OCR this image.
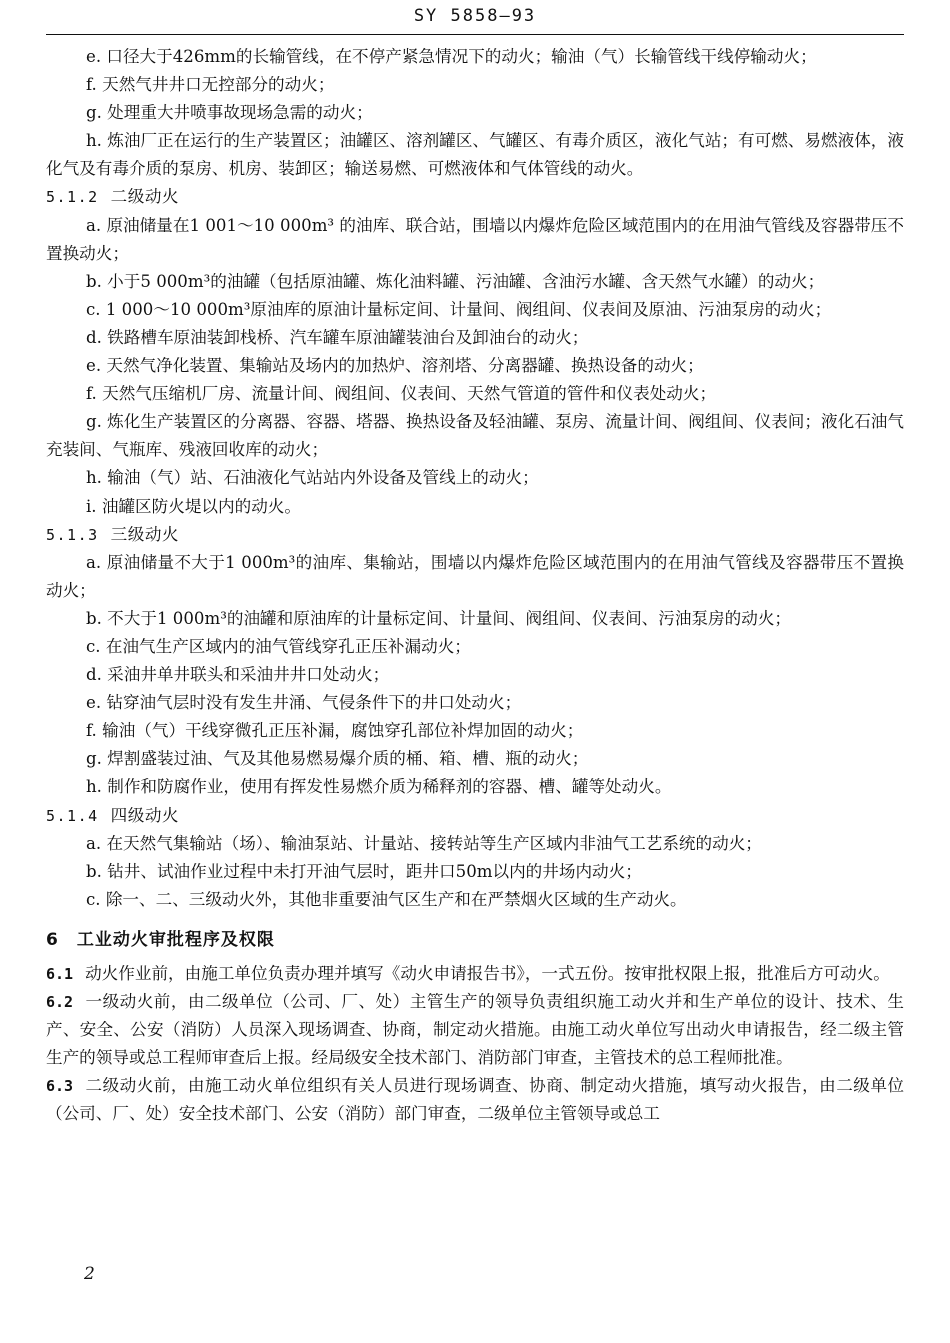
SY 5858—93

e. 口径大于426mm的长输管线，在不停产紧急情况下的动火；输油（气）长输管线干线停输动火；

f. 天然气井井口无控部分的动火；

g. 处理重大井喷事故现场急需的动火；

h. 炼油厂正在运行的生产装置区；油罐区、溶剂罐区、气罐区、有毒介质区，液化气站；有可燃、易燃液体，液化气及有毒介质的泵房、机房、装卸区；输送易燃、可燃液体和气体管线的动火。

5.1.2 二级动火

a. 原油储量在1 001～10 000m³ 的油库、联合站，围墙以内爆炸危险区域范围内的在用油气管线及容器带压不置换动火；

b. 小于5 000m³的油罐（包括原油罐、炼化油料罐、污油罐、含油污水罐、含天然气水罐）的动火；

c. 1 000～10 000m³原油库的原油计量标定间、计量间、阀组间、仪表间及原油、污油泵房的动火；

d. 铁路槽车原油装卸栈桥、汽车罐车原油罐装油台及卸油台的动火；

e. 天然气净化装置、集输站及场内的加热炉、溶剂塔、分离器罐、换热设备的动火；

f. 天然气压缩机厂房、流量计间、阀组间、仪表间、天然气管道的管件和仪表处动火；

g. 炼化生产装置区的分离器、容器、塔器、换热设备及轻油罐、泵房、流量计间、阀组间、仪表间；液化石油气充装间、气瓶库、残液回收库的动火；

h. 输油（气）站、石油液化气站站内外设备及管线上的动火；

i. 油罐区防火堤以内的动火。

5.1.3 三级动火

a. 原油储量不大于1 000m³的油库、集输站，围墙以内爆炸危险区域范围内的在用油气管线及容器带压不置换动火；

b. 不大于1 000m³的油罐和原油库的计量标定间、计量间、阀组间、仪表间、污油泵房的动火；

c. 在油气生产区域内的油气管线穿孔正压补漏动火；

d. 采油井单井联头和采油井井口处动火；

e. 钻穿油气层时没有发生井涌、气侵条件下的井口处动火；

f. 输油（气）干线穿微孔正压补漏，腐蚀穿孔部位补焊加固的动火；

g. 焊割盛装过油、气及其他易燃易爆介质的桶、箱、槽、瓶的动火；

h. 制作和防腐作业，使用有挥发性易燃介质为稀释剂的容器、槽、罐等处动火。

5.1.4 四级动火

a. 在天然气集输站（场）、输油泵站、计量站、接转站等生产区域内非油气工艺系统的动火；

b. 钻井、试油作业过程中未打开油气层时，距井口50m以内的井场内动火；

c. 除一、二、三级动火外，其他非重要油气区生产和在严禁烟火区域的生产动火。

6 工业动火审批程序及权限

6.1 动火作业前，由施工单位负责办理并填写《动火申请报告书》，一式五份。按审批权限上报，批准后方可动火。

6.2 一级动火前，由二级单位（公司、厂、处）主管生产的领导负责组织施工动火并和生产单位的设计、技术、生产、安全、公安（消防）人员深入现场调查、协商，制定动火措施。由施工动火单位写出动火申请报告，经二级主管生产的领导或总工程师审查后上报。经局级安全技术部门、消防部门审查，主管技术的总工程师批准。

6.3 二级动火前，由施工动火单位组织有关人员进行现场调查、协商、制定动火措施，填写动火报告，由二级单位（公司、厂、处）安全技术部门、公安（消防）部门审查，二级单位主管领导或总工

2
